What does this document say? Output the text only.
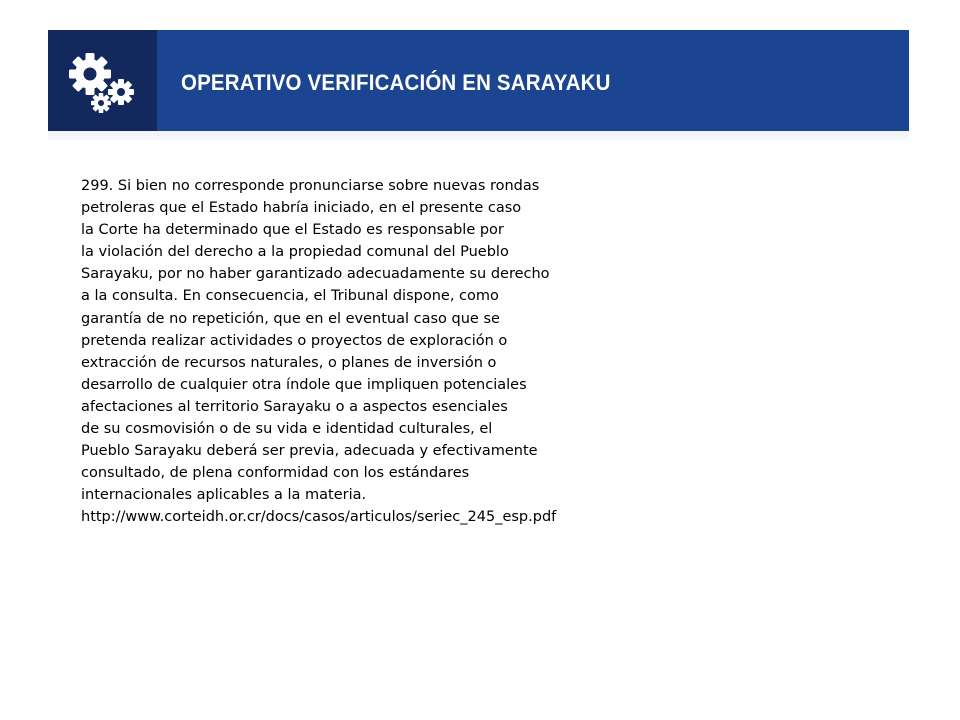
OPERATIVO VERIFICACIÓN EN SARAYAKU
299. Si bien no corresponde pronunciarse sobre nuevas rondas
petroleras que el Estado habría iniciado, en el presente caso
la Corte ha determinado que el Estado es responsable por
la violación del derecho a la propiedad comunal del Pueblo
Sarayaku, por no haber garantizado adecuadamente su derecho
a la consulta. En consecuencia, el Tribunal dispone, como
garantía de no repetición, que en el eventual caso que se
pretenda realizar actividades o proyectos de exploración o
extracción de recursos naturales, o planes de inversión o
desarrollo de cualquier otra índole que impliquen potenciales
afectaciones al territorio Sarayaku o a aspectos esenciales
de su cosmovisión o de su vida e identidad culturales, el
Pueblo Sarayaku deberá ser previa, adecuada y efectivamente
consultado, de plena conformidad con los estándares
internacionales aplicables a la materia.
http://www.corteidh.or.cr/docs/casos/articulos/seriec_245_esp.pdf
